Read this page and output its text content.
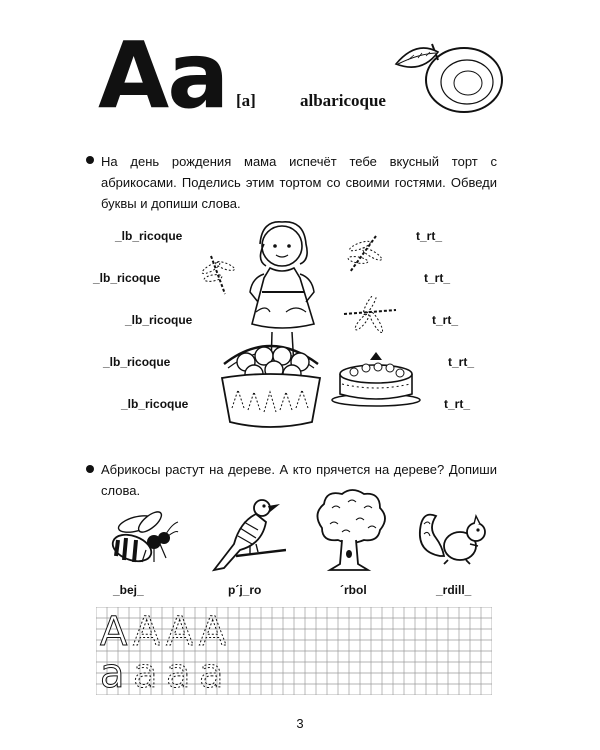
Aa [a]	albaricoque
На день рождения мама испечёт тебе вкусный торт с абрикосами. Поделись этим тортом со своими гостями. Обведи буквы и допиши слова.
_lb_ricoque
_lb_ricoque
_lb_ricoque
_lb_ricoque
_lb_ricoque
t_rt_
t_rt_
t_rt_
t_rt_
t_rt_
Абрикосы растут на дереве. А кто прячется на дереве? Допиши слова.
_bej_	p´j_ro	´rbol	_rdill_
A A A A
a a a a
3
